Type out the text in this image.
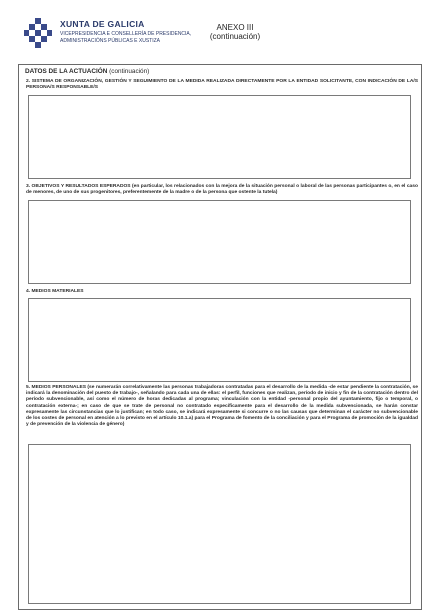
XUNTA DE GALICIA
VICEPRESIDENCIA E CONSELLERÍA DE PRESIDENCIA,
ADMINISTRACIÓNS PÚBLICAS E XUSTIZA
ANEXO III
(continuación)
DATOS DE LA ACTUACIÓN (continuación)
2. SISTEMA DE ORGANIZACIÓN, GESTIÓN Y SEGUIMIENTO DE LA MEDIDA REALIZADA DIRECTAMENTE POR LA ENTIDAD SOLICITANTE, CON INDICACIÓN DE LA/S PERSONA/S RESPONSABLE/S
3. OBJETIVOS Y RESULTADOS ESPERADOS (en particular, los relacionados con la mejora de la situación personal o laboral de las personas participantes o, en el caso de menores, de uno de sus progenitores, preferentemente de la madre o de la persona que ostente la tutela)
4. MEDIOS MATERIALES
5. MEDIOS PERSONALES (se numerarán correlativamente las personas trabajadoras contratadas para el desarrollo de la medida -de estar pendiente la contratación, se indicará la denominación del puesto de trabajo-, señalando para cada una de ellas: el perfil, funciones que realizan, período de inicio y fin de la contratación dentro del período subvencionable, así como el número de horas dedicadas al programa; vinculación con la entidad -personal propio del ayuntamiento, fijo o temporal, o contratación externa-; en caso de que se trate de personal no contratado específicamente para el desarrollo de la medida subvencionada, se harán constar expresamente las circunstancias que lo justifican; en todo caso, se indicará expresamente si concurre o no las causas que determinan el carácter no subvencionable de los costes de personal en atención a lo previsto en el artículo 10.1.a) para el Programa de fomento de la conciliación y para el Programa de promoción de la igualdad y de prevención de la violencia de género)
